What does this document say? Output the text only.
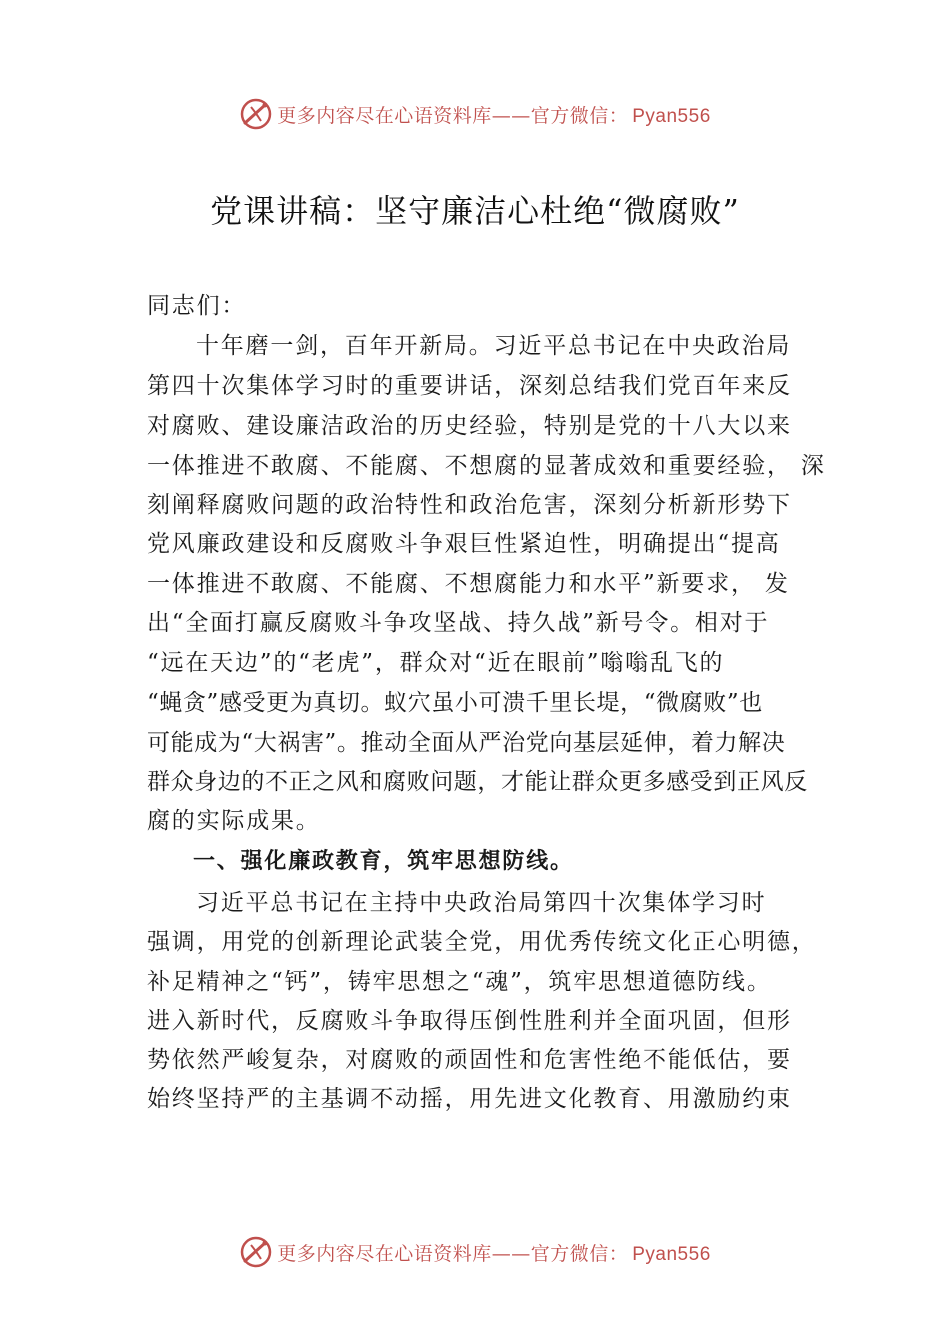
更多内容尽在心语资料库——官方微信： Pyan556
党课讲稿：坚守廉洁心杜绝“微腐败”
同志们：
十年磨一剑，百年开新局。习近平总书记在中央政治局
第四十次集体学习时的重要讲话，深刻总结我们党百年来反
对腐败、建设廉洁政治的历史经验，特别是党的十八大以来
一体推进不敢腐、不能腐、不想腐的显著成效和重要经验， 深
刻阐释腐败问题的政治特性和政治危害，深刻分析新形势下
党风廉政建设和反腐败斗争艰巨性紧迫性，明确提出“提高
一体推进不敢腐、不能腐、不想腐能力和水平”新要求， 发
出“全面打赢反腐败斗争攻坚战、持久战”新号令。相对于
“远在天边”的“老虎”，群众对“近在眼前”嗡嗡乱飞的
“蝇贪”感受更为真切。蚁穴虽小可溃千里长堤，“微腐败”也
可能成为“大祸害”。推动全面从严治党向基层延伸，着力解决
群众身边的不正之风和腐败问题，才能让群众更多感受到正风反
腐的实际成果。
一、强化廉政教育，筑牢思想防线。
习近平总书记在主持中央政治局第四十次集体学习时
强调，用党的创新理论武装全党，用优秀传统文化正心明德，
补足精神之“钙”，铸牢思想之“魂”，筑牢思想道德防线。
进入新时代，反腐败斗争取得压倒性胜利并全面巩固，但形
势依然严峻复杂，对腐败的顽固性和危害性绝不能低估，要
始终坚持严的主基调不动摇，用先进文化教育、用激励约束
更多内容尽在心语资料库——官方微信： Pyan556
